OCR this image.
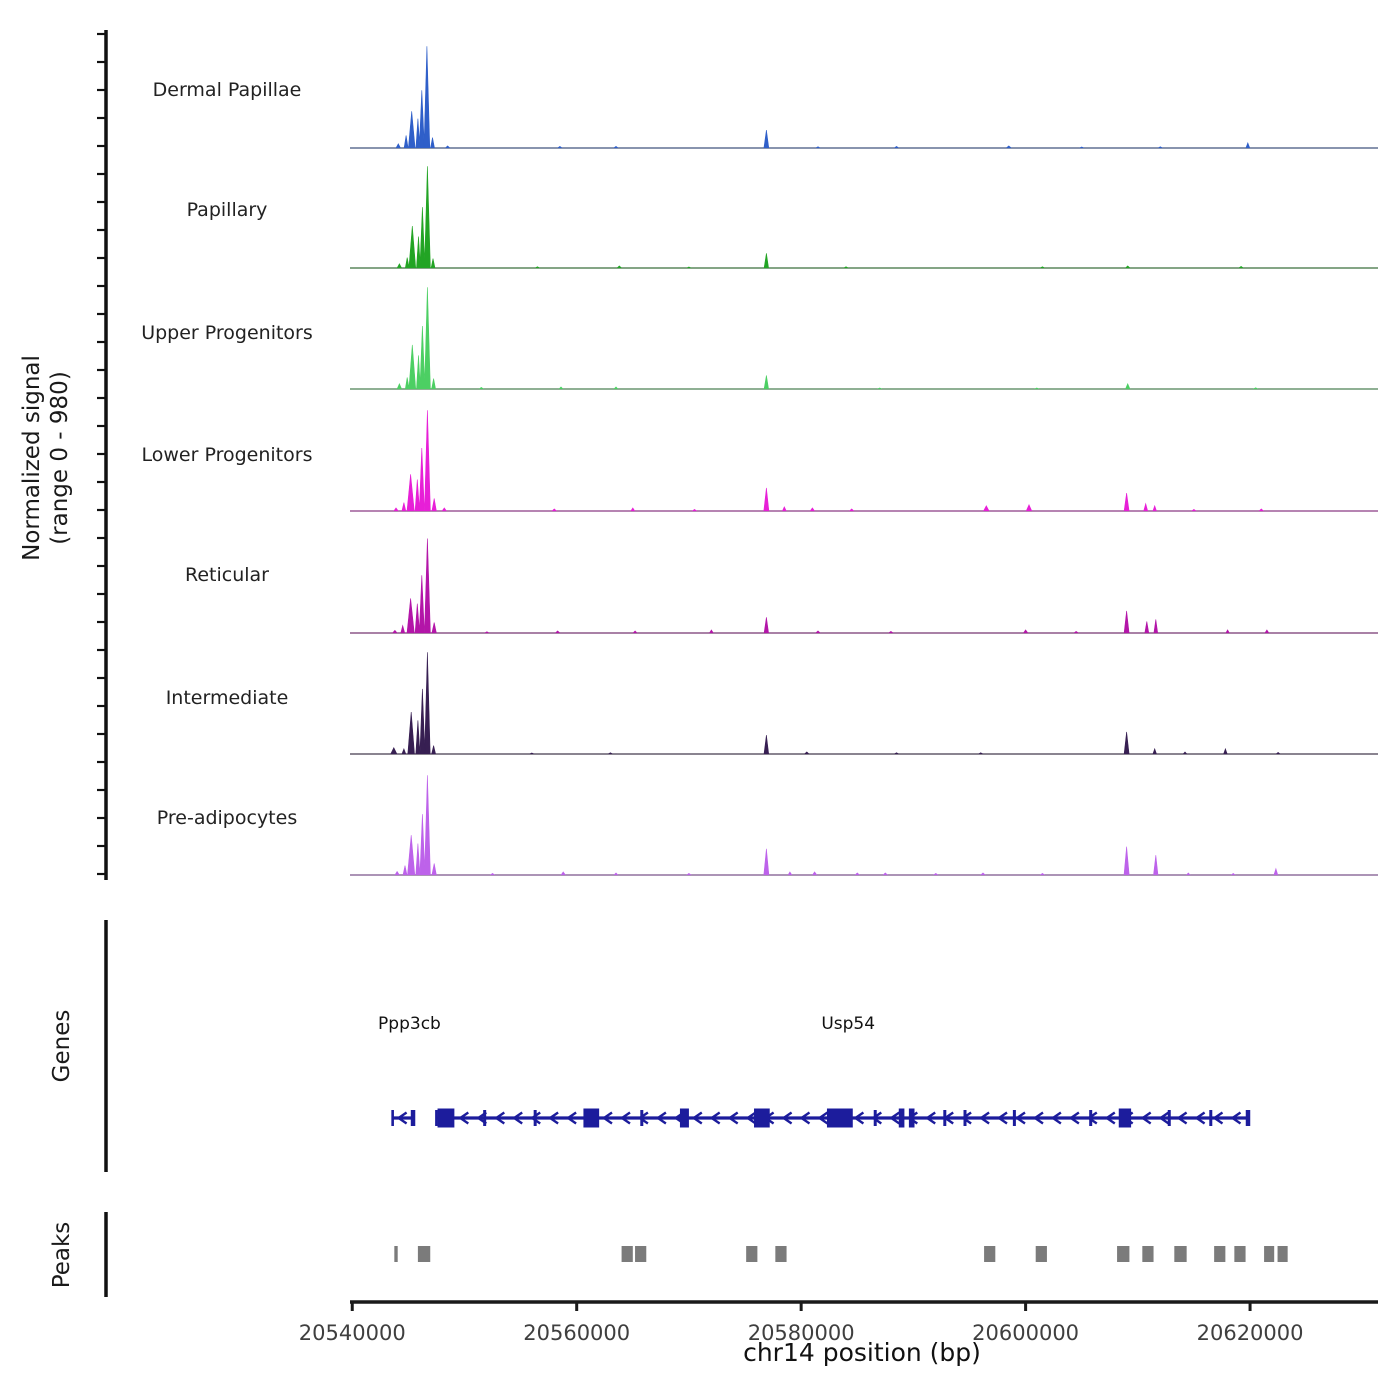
20540000	20560000	20580000	20600000	20620000
Normalized signal (range 0 - 980)
Dermal Papillae
Papillary
Upper Progenitors
Lower Progenitors
Reticular
Intermediate
Pre-adipocytes
Genes
Peaks
Ppp3cb	Usp54
chr14 position (bp)
